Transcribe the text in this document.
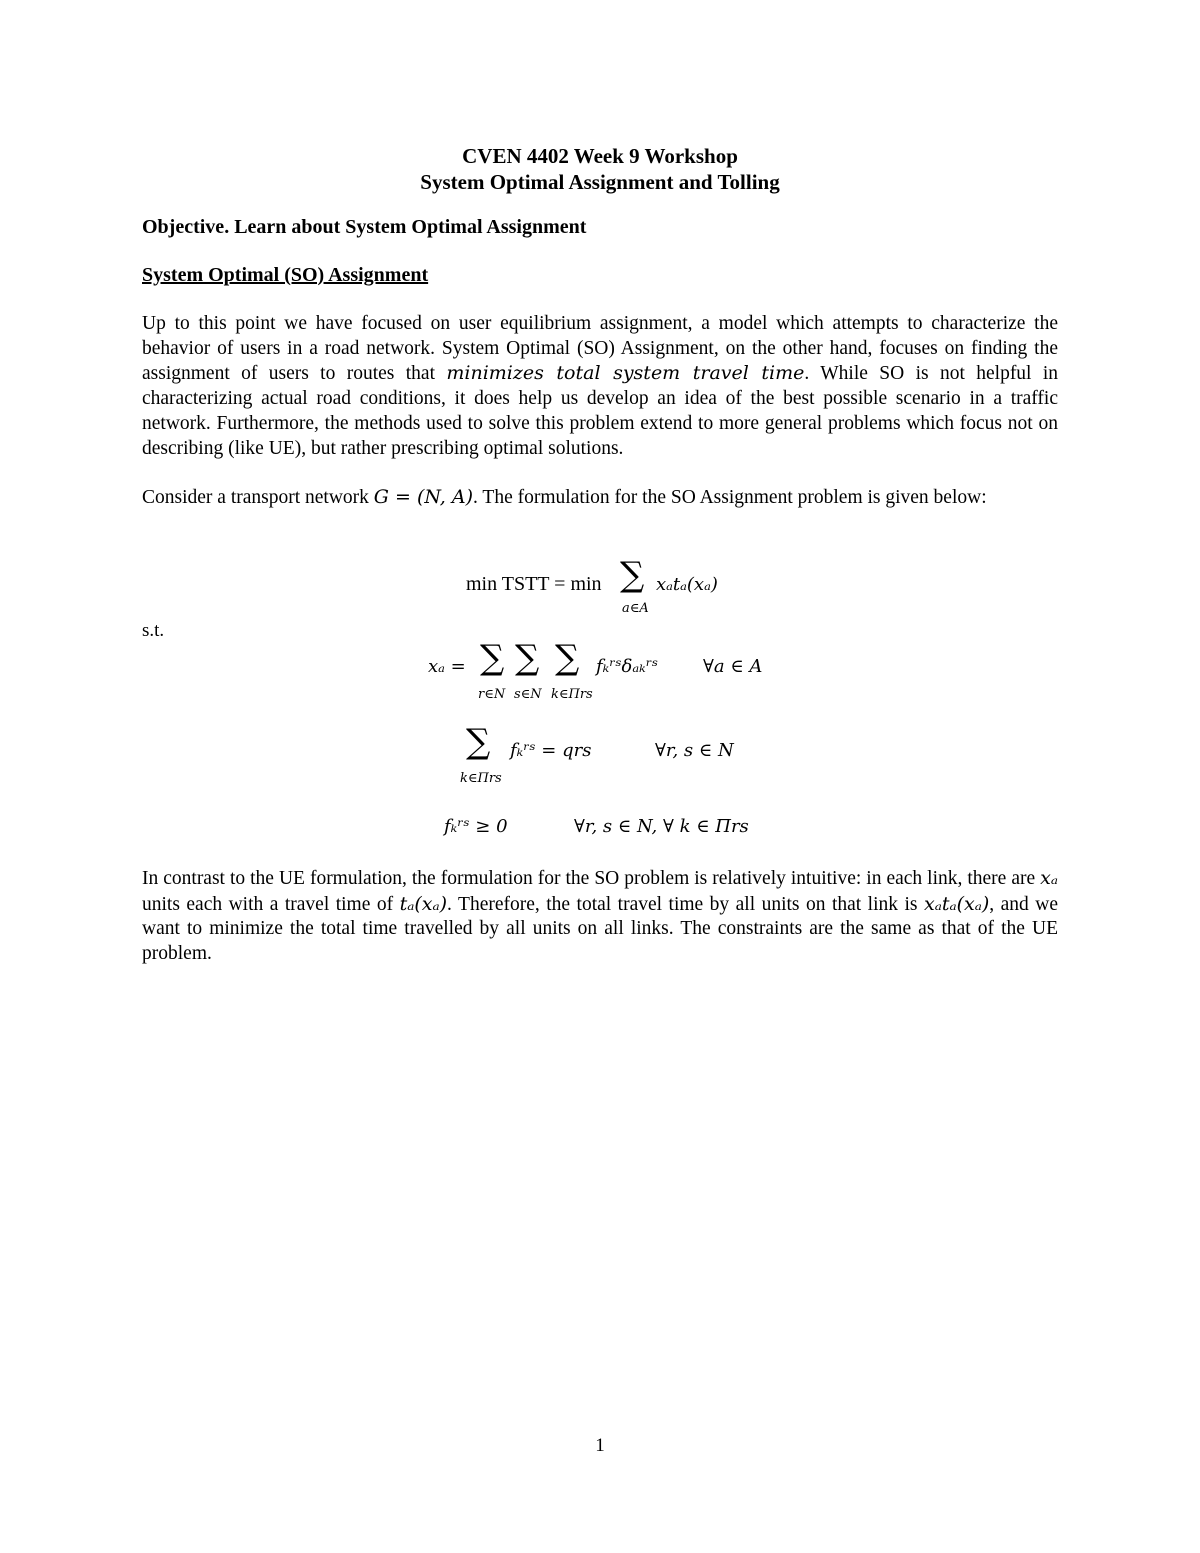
CVEN 4402 Week 9 Workshop

System Optimal Assignment and Tolling

Objective. Learn about System Optimal Assignment
System Optimal (SO) Assignment

Up to this point we have focused on user equilibrium assignment, a model which attempts to characterize the behavior of users in a road network. System Optimal (SO) Assignment, on the other hand, focuses on finding the assignment of users to routes that minimizes total system travel time. While SO is not helpful in characterizing actual road conditions, it does help us develop an idea of the best possible scenario in a traffic network. Furthermore, the methods used to solve this problem extend to more general problems which focus not on describing (like UE), but rather prescribing optimal solutions.

Consider a transport network G = (N, A). The formulation for the SO Assignment problem is given below:

min TSTT = min ∑
a∈A
xₐtₐ(xₐ)
s.t.
xₐ = ∑ ∑ ∑
r∈N s∈N k∈Πrs
fₖʳˢδₐₖʳˢ ∀a ∈ A
∑
k∈Πrs
fₖʳˢ = qrs	∀r, s ∈ N
fₖʳˢ ≥ 0	∀r, s ∈ N, ∀ k ∈ Πrs

In contrast to the UE formulation, the formulation for the SO problem is relatively intuitive: in each link, there are xₐ units each with a travel time of tₐ(xₐ). Therefore, the total travel time by all units on that link is xₐtₐ(xₐ), and we want to minimize the total time travelled by all units on all links. The constraints are the same as that of the UE problem.

1
